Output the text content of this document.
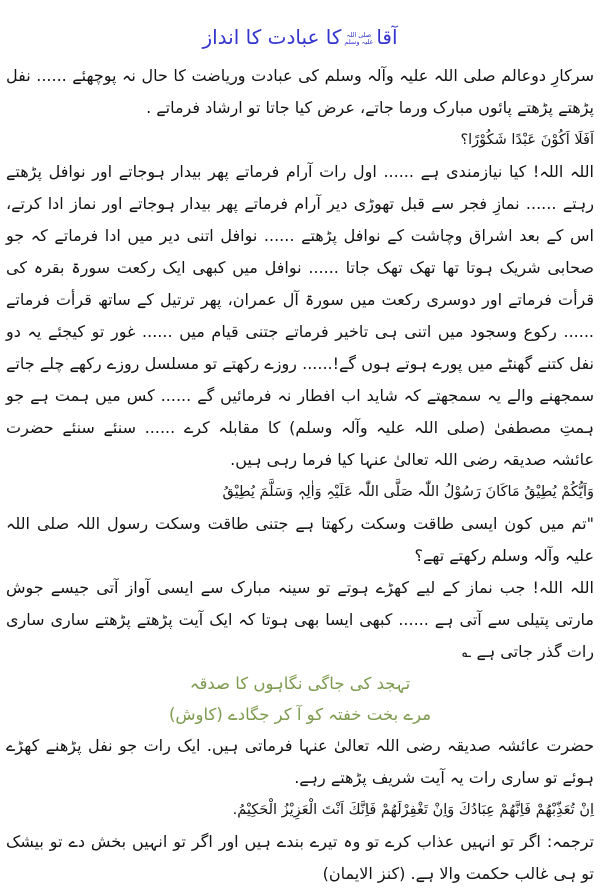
آقاصلی اللہ
علیہ وسلمکا عبادت کا انداز

سرکارِ دوعالم صلی اللہ علیہ وآلہ وسلم کی عبادت وریاضت کا حال نہ پوچھئے ...... نفل پڑھتے پڑھتے پائوں مبارک ورما جاتے، عرض کیا جاتا تو ارشاد فرماتے .

اَفَلَا اَکُوْنَ عَبْدًا شَکُوْرًا؟

اللہ اللہ! کیا نیازمندی ہے ...... اول رات آرام فرماتے پھر بیدار ہوجاتے اور نوافل پڑھتے رہتے ...... نمازِ فجر سے قبل تھوڑی دیر آرام فرماتے پھر بیدار ہوجاتے اور نماز ادا کرتے، اس کے بعد اشراق وچاشت کے نوافل پڑھتے ...... نوافل اتنی دیر میں ادا فرماتے کہ جو صحابی شریک ہوتا تھا تھک تھک جاتا ...... نوافل میں کبھی ایک رکعت سورۃ بقرہ کی قرأت فرماتے اور دوسری رکعت میں سورۃ آل عمران، پھر ترتیل کے ساتھ قرأت فرماتے ...... رکوع وسجود میں اتنی ہی تاخیر فرماتے جتنی قیام میں ...... غور تو کیجئے یہ دو نفل کتنے گھنٹے میں پورے ہوتے ہوں گے!...... روزے رکھتے تو مسلسل روزے رکھے چلے جاتے سمجھنے والے یہ سمجھتے کہ شاید اب افطار نہ فرمائیں گے ...... کس میں ہمت ہے جو ہمتِ مصطفیٰ (صلی اللہ علیہ وآلہ وسلم) کا مقابلہ کرے ...... سنئے سنئے حضرت عائشہ صدیقہ رضی اللہ تعالیٰ عنہا کیا فرما رہی ہیں.

وَاَیُّکُمْ یُطِیْقُ مَاکَانَ رَسُوْلُ اللّٰہ صَلَّی اللّٰہ عَلَیْہِ وَاٰلِہٖ وَسَلَّمَ یُطِیْقُ

"تم میں کون ایسی طاقت وسکت رکھتا ہے جتنی طاقت وسکت رسول اللہ صلی اللہ علیہ وآلہ وسلم رکھتے تھے؟

اللہ اللہ! جب نماز کے لیے کھڑے ہوتے تو سینہ مبارک سے ایسی آواز آتی جیسے جوش مارتی پتیلی سے آتی ہے ...... کبھی ایسا بھی ہوتا کہ ایک آیت پڑھتے پڑھتے ساری ساری رات گذر جاتی ہے ؎

تہجد کی جاگی نگاہوں کا صدقہ

مرے بخت خفتہ کو آ کر جگادے (کاوش)

حضرت عائشہ صدیقہ رضی اللہ تعالیٰ عنہا فرماتی ہیں. ایک رات جو نفل پڑھنے کھڑے ہوئے تو ساری رات یہ آیت شریف پڑھتے رہے.

اِنْ تُعَذِّبْهُمْ فَاِنَّهُمْ عِبَادُكَ وَاِنْ تَغْفِرْلَهُمْ فَاِنَّكَ اَنْتَ الْعَزِیْزُ الْحَكِیْمُ.

ترجمہ: اگر تو انہیں عذاب کرے تو وہ تیرے بندے ہیں اور اگر تو انہیں بخش دے تو بیشک تو ہی غالب حکمت والا ہے. (کنز الایمان)
